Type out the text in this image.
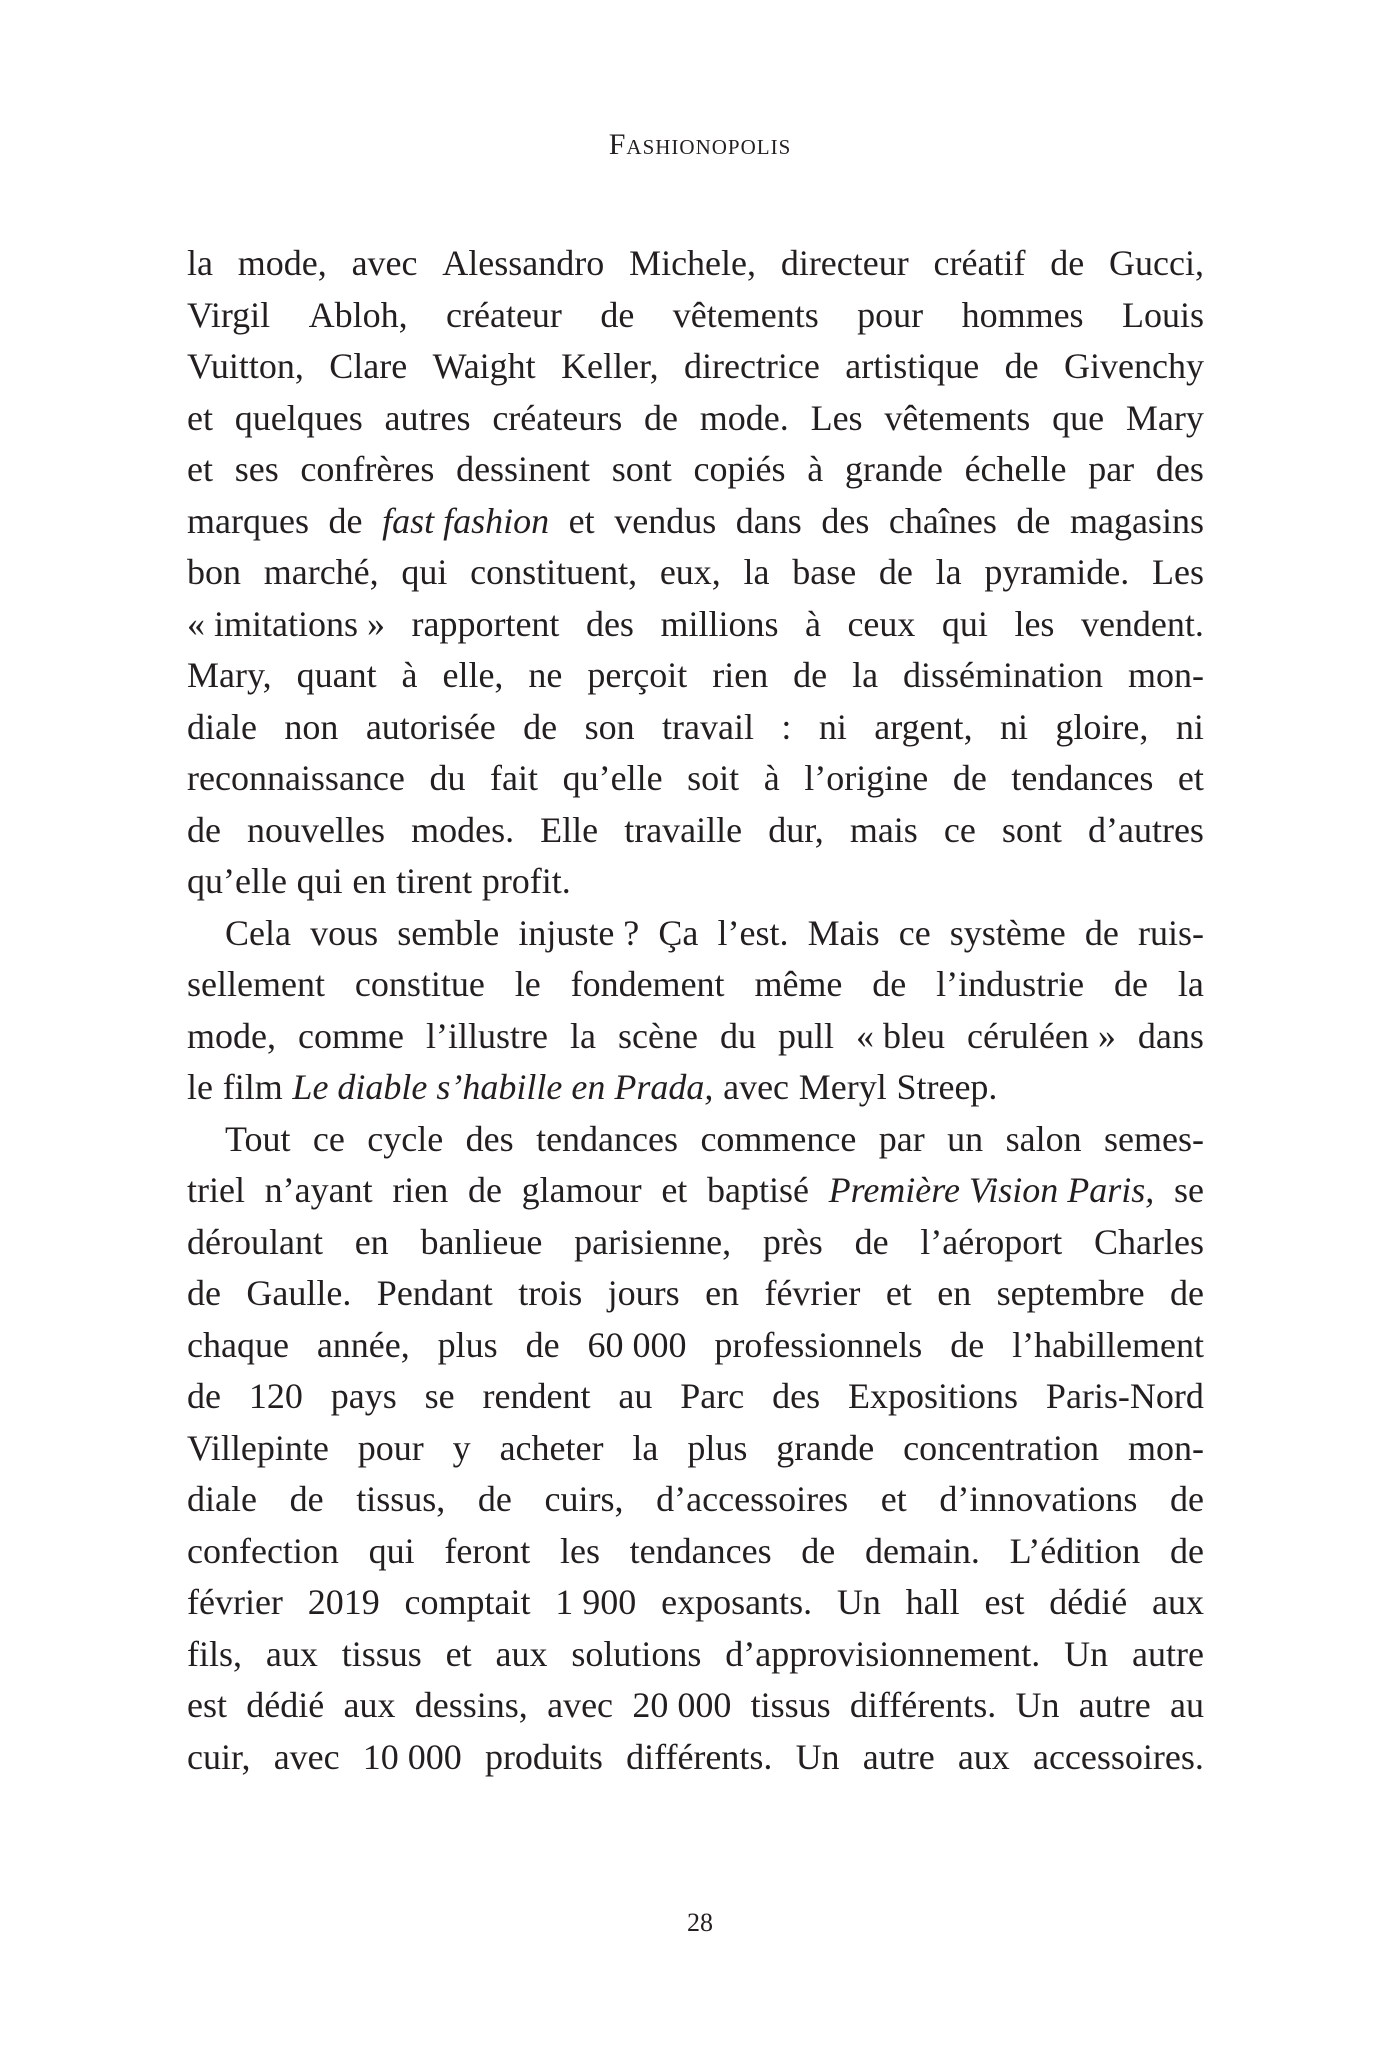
Fashionopolis
la mode, avec Alessandro Michele, directeur créatif de Gucci,
Virgil Abloh, créateur de vêtements pour hommes Louis
Vuitton, Clare Waight Keller, directrice artistique de Givenchy
et quelques autres créateurs de mode. Les vêtements que Mary
et ses confrères dessinent sont copiés à grande échelle par des
marques de fast fashion et vendus dans des chaînes de magasins
bon marché, qui constituent, eux, la base de la pyramide. Les
« imitations » rapportent des millions à ceux qui les vendent.
Mary, quant à elle, ne perçoit rien de la dissémination mon-
diale non autorisée de son travail : ni argent, ni gloire, ni
reconnaissance du fait qu’elle soit à l’origine de tendances et
de nouvelles modes. Elle travaille dur, mais ce sont d’autres
qu’elle qui en tirent profit.
Cela vous semble injuste ? Ça l’est. Mais ce système de ruis-
sellement constitue le fondement même de l’industrie de la
mode, comme l’illustre la scène du pull « bleu céruléen » dans
le film Le diable s’habille en Prada, avec Meryl Streep.
Tout ce cycle des tendances commence par un salon semes-
triel n’ayant rien de glamour et baptisé Première Vision Paris, se
déroulant en banlieue parisienne, près de l’aéroport Charles
de Gaulle. Pendant trois jours en février et en septembre de
chaque année, plus de 60 000 professionnels de l’habillement
de 120 pays se rendent au Parc des Expositions Paris-Nord
Villepinte pour y acheter la plus grande concentration mon-
diale de tissus, de cuirs, d’accessoires et d’innovations de
confection qui feront les tendances de demain. L’édition de
février 2019 comptait 1 900 exposants. Un hall est dédié aux
fils, aux tissus et aux solutions d’approvisionnement. Un autre
est dédié aux dessins, avec 20 000 tissus différents. Un autre au
cuir, avec 10 000 produits différents. Un autre aux accessoires.
28
